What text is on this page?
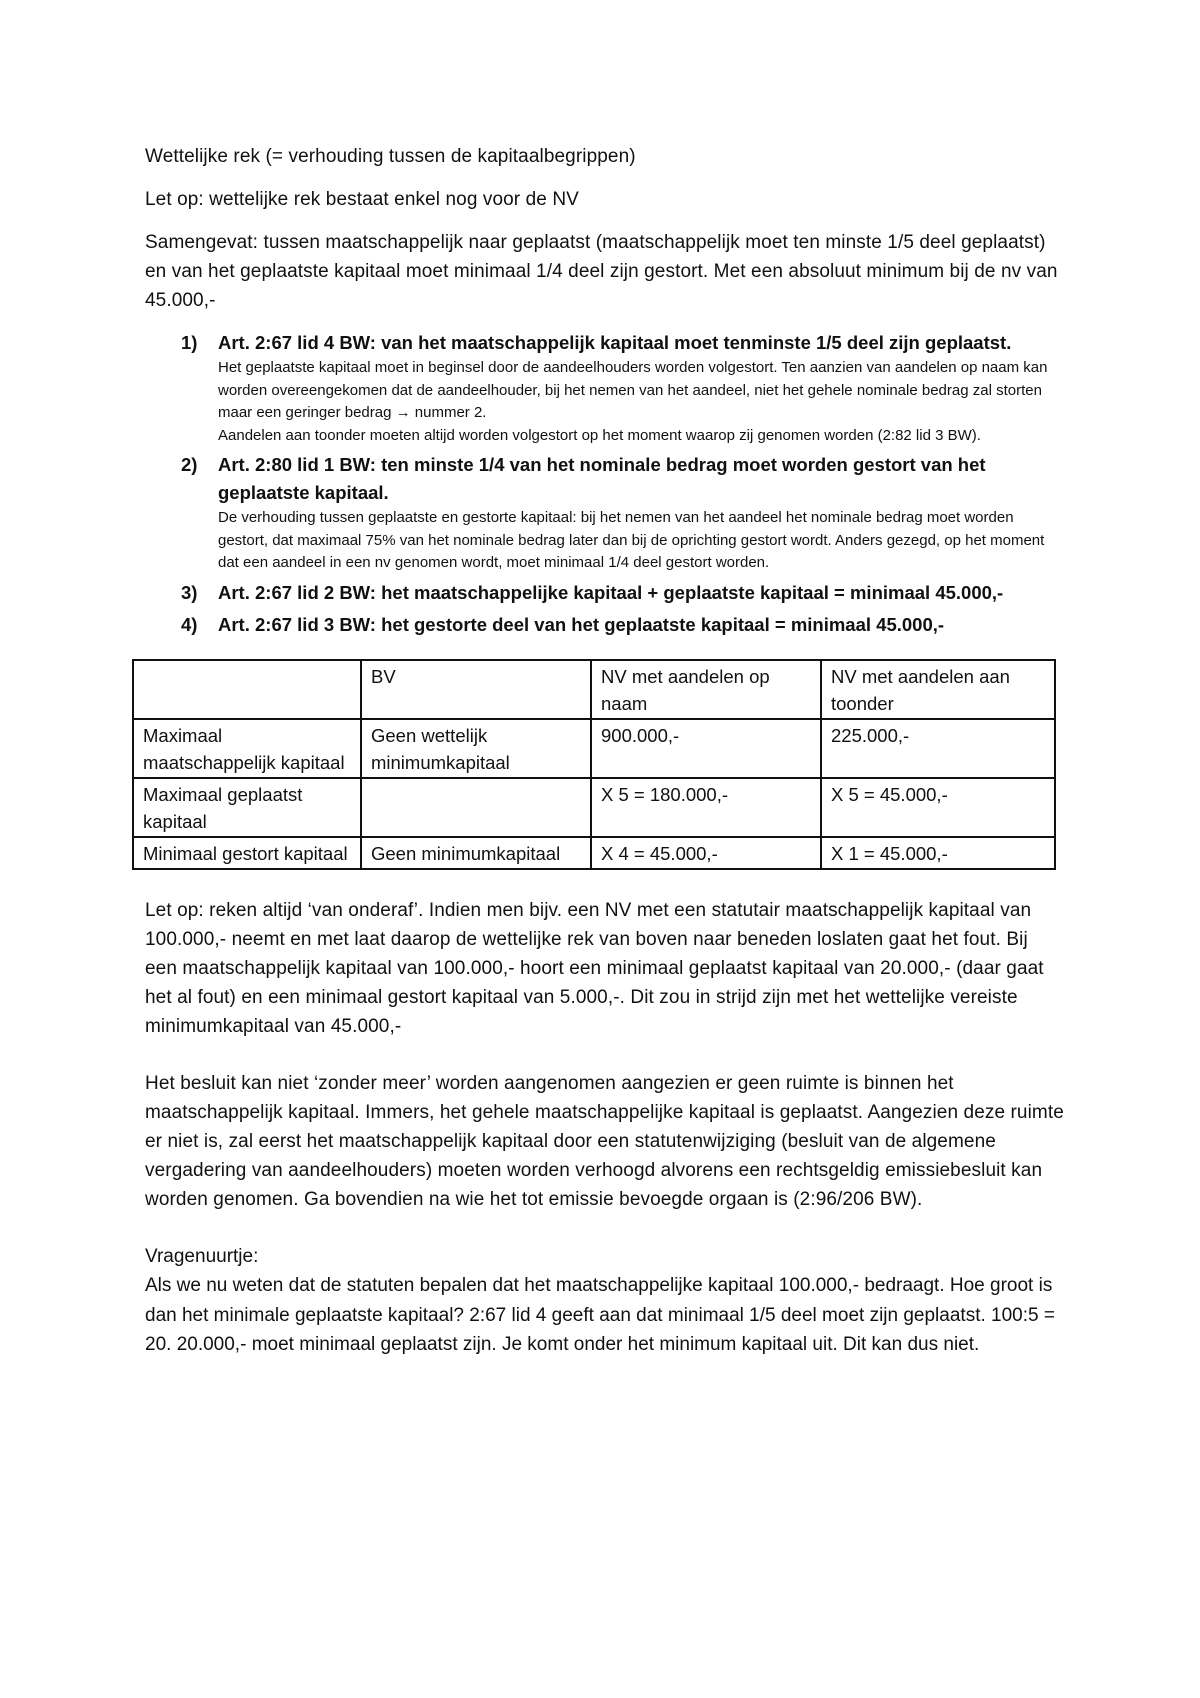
Wettelijke rek (= verhouding tussen de kapitaalbegrippen)

Let op: wettelijke rek bestaat enkel nog voor de NV

Samengevat: tussen maatschappelijk naar geplaatst (maatschappelijk moet ten minste 1/5 deel geplaatst) en van het geplaatste kapitaal moet minimaal 1/4 deel zijn gestort. Met een absoluut minimum bij de nv van 45.000,-

1) Art. 2:67 lid 4 BW: van het maatschappelijk kapitaal moet tenminste 1/5 deel zijn geplaatst.

Het geplaatste kapitaal moet in beginsel door de aandeelhouders worden volgestort. Ten aanzien van aandelen op naam kan worden overeengekomen dat de aandeelhouder, bij het nemen van het aandeel, niet het gehele nominale bedrag zal storten maar een geringer bedrag → nummer 2.

Aandelen aan toonder moeten altijd worden volgestort op het moment waarop zij genomen worden (2:82 lid 3 BW).

2) Art. 2:80 lid 1 BW: ten minste 1/4 van het nominale bedrag moet worden gestort van het geplaatste kapitaal.

De verhouding tussen geplaatste en gestorte kapitaal: bij het nemen van het aandeel het nominale bedrag moet worden gestort, dat maximaal 75% van het nominale bedrag later dan bij de oprichting gestort wordt. Anders gezegd, op het moment dat een aandeel in een nv genomen wordt, moet minimaal 1/4 deel gestort worden.

3) Art. 2:67 lid 2 BW: het maatschappelijke kapitaal + geplaatste kapitaal = minimaal 45.000,-

4) Art. 2:67 lid 3 BW: het gestorte deel van het geplaatste kapitaal = minimaal 45.000,-

	BV	NV met aandelen op naam	NV met aandelen aan toonder
Maximaal maatschappelijk kapitaal	Geen wettelijk minimumkapitaal	900.000,-	225.000,-
Maximaal geplaatst kapitaal		X 5 = 180.000,-	X 5 = 45.000,-
Minimaal gestort kapitaal	Geen minimumkapitaal	X 4 = 45.000,-	X 1 = 45.000,-

Let op: reken altijd ‘van onderaf’. Indien men bijv. een NV met een statutair maatschappelijk kapitaal van 100.000,- neemt en met laat daarop de wettelijke rek van boven naar beneden loslaten gaat het fout. Bij een maatschappelijk kapitaal van 100.000,- hoort een minimaal geplaatst kapitaal van 20.000,- (daar gaat het al fout) en een minimaal gestort kapitaal van 5.000,-. Dit zou in strijd zijn met het wettelijke vereiste minimumkapitaal van 45.000,-

Het besluit kan niet ‘zonder meer’ worden aangenomen aangezien er geen ruimte is binnen het maatschappelijk kapitaal. Immers, het gehele maatschappelijke kapitaal is geplaatst. Aangezien deze ruimte er niet is, zal eerst het maatschappelijk kapitaal door een statutenwijziging (besluit van de algemene vergadering van aandeelhouders) moeten worden verhoogd alvorens een rechtsgeldig emissiebesluit kan worden genomen. Ga bovendien na wie het tot emissie bevoegde orgaan is (2:96/206 BW).

Vragenuurtje:
Als we nu weten dat de statuten bepalen dat het maatschappelijke kapitaal 100.000,- bedraagt. Hoe groot is dan het minimale geplaatste kapitaal? 2:67 lid 4 geeft aan dat minimaal 1/5 deel moet zijn geplaatst. 100:5 = 20. 20.000,- moet minimaal geplaatst zijn. Je komt onder het minimum kapitaal uit. Dit kan dus niet.
